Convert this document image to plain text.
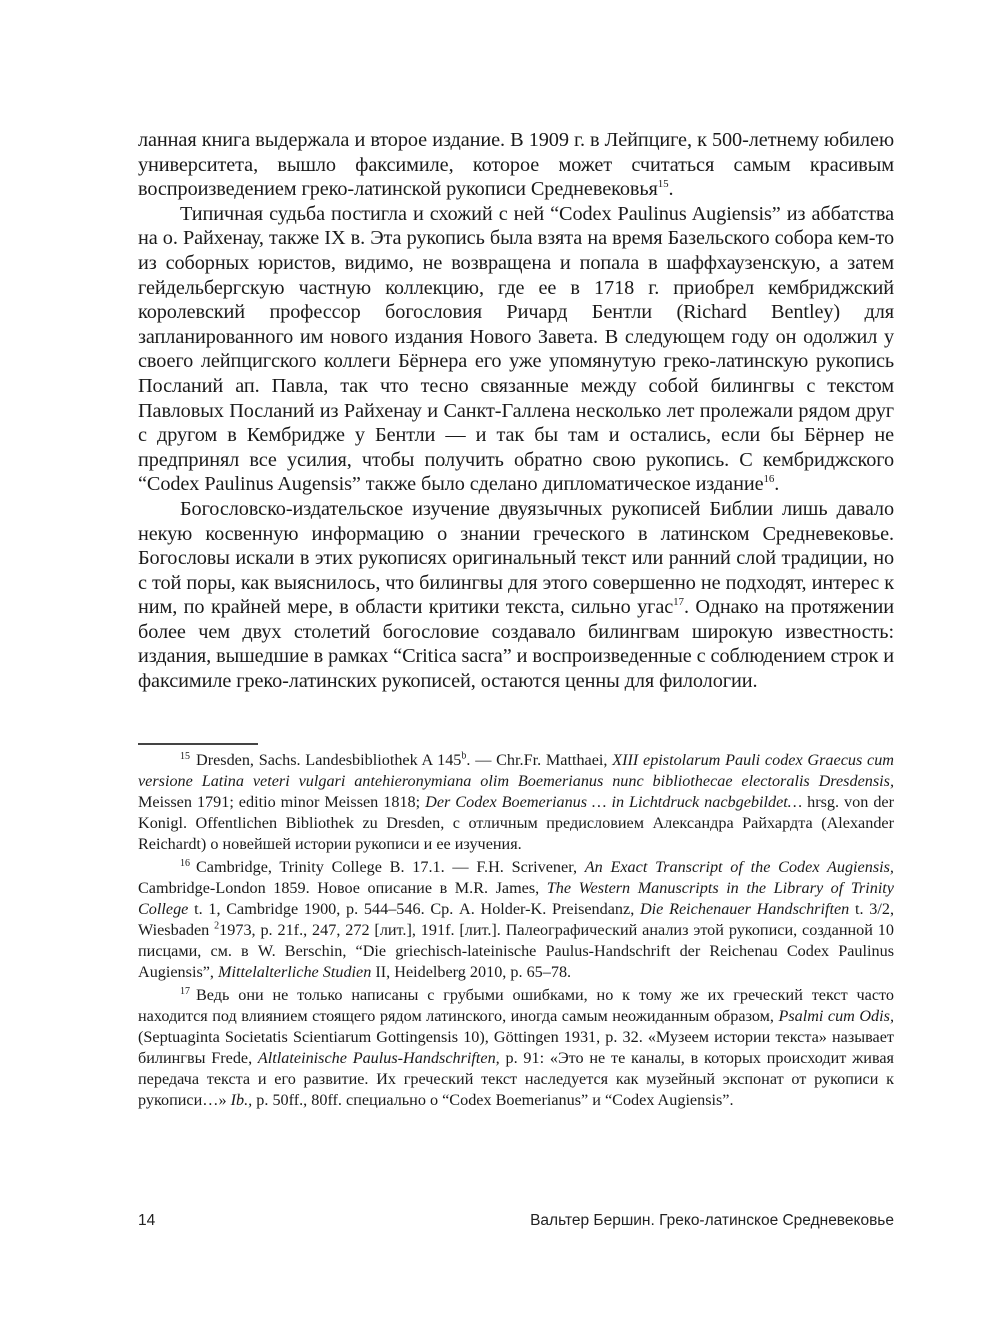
ланная книга выдержала и второе издание. В 1909 г. в Лейпциге, к 500-летнему юбилею университета, вышло факсимиле, которое может считаться самым красивым воспроизведением греко-латинской рукописи Средневековья$^{15}$.

Типичная судьба постигла и схожий с ней “Codex Paulinus Augiensis” из аббатства на о. Райхенау, также IX в. Эта рукопись была взята на время Базельского собора кем-то из соборных юристов, видимо, не возвращена и попала в шаффхаузенскую, а затем гейдельбергскую частную коллекцию, где ее в 1718 г. приобрел кембриджский королевский профессор богословия Ричард Бентли (Richard Bentley) для запланированного им нового издания Нового Завета. В следующем году он одолжил у своего лейпцигского коллеги Бёрнера его уже упомянутую греко-латинскую рукопись Посланий ап. Павла, так что тесно связанные между собой билингвы с текстом Павловых Посланий из Райхенау и Санкт-Галлена несколько лет пролежали рядом друг с другом в Кембридже у Бентли — и так бы там и остались, если бы Бёрнер не предпринял все усилия, чтобы получить обратно свою рукопись. С кембриджского “Codex Paulinus Augensis” также было сделано дипломатическое издание$^{16}$.

Богословско-издательское изучение двуязычных рукописей Библии лишь давало некую косвенную информацию о знании греческого в латинском Средневековье. Богословы искали в этих рукописях оригинальный текст или ранний слой традиции, но с той поры, как выяснилось, что билингвы для этого совершенно не подходят, интерес к ним, по крайней мере, в области критики текста, сильно угас$^{17}$. Однако на протяжении более чем двух столетий богословие создавало билингвам широкую известность: издания, вышедшие в рамках “Critica sacra” и воспроизведенные с соблюдением строк и факсимиле греко-латинских рукописей, остаются ценны для филологии.

$^{15}$ Dresden, Sachs. Landesbibliothek A 145$^b$. — Chr.Fr. Matthaei, XIII epistolarum Pauli codex Graecus cum versione Latina veteri vulgari antehieronymiana olim Boemerianus nunc bibliothecae electoralis Dresdensis, Meissen 1791; editio minor Meissen 1818; Der Codex Boemerianus … in Lichtdruck nacbgebildet… hrsg. von der Konigl. Offentlichen Bibliothek zu Dresden, с отличным предисловием Александра Райхардта (Alexander Reichardt) о новейшей истории рукописи и ее изучения.

$^{16}$ Cambridge, Trinity College B. 17.1. — F.H. Scrivener, An Exact Transcript of the Codex Augiensis, Cambridge-London 1859. Новое описание в M.R. James, The Western Manuscripts in the Library of Trinity College t. 1, Cambridge 1900, p. 544–546. Ср. A. Holder-K. Preisendanz, Die Reichenauer Handschriften t. 3/2, Wiesbaden $^2$1973, p. 21f., 247, 272 [лит.], 191f. [лит.]. Палеографический анализ этой рукописи, созданной 10 писцами, см. в W. Berschin, “Die griechisch-lateinische Paulus-Handschrift der Reichenau Codex Paulinus Augiensis”, Mittelalterliche Studien II, Heidelberg 2010, p. 65–78.

$^{17}$ Ведь они не только написаны с грубыми ошибками, но к тому же их греческий текст часто находится под влиянием стоящего рядом латинского, иногда самым неожиданным образом, Psalmi cum Odis, (Septuaginta Societatis Scientiarum Gottingensis 10), Göttingen 1931, p. 32. «Музеем истории текста» называет билингвы Frede, Altlateinische Paulus-Handschriften, p. 91: «Это не те каналы, в которых происходит живая передача текста и его развитие. Их греческий текст наследуется как музейный экспонат от рукописи к рукописи…» Ib., p. 50ff., 80ff. специально о “Codex Boemerianus” и “Codex Augiensis”.

14	Вальтер Бершин. Греко-латинское Средневековье
